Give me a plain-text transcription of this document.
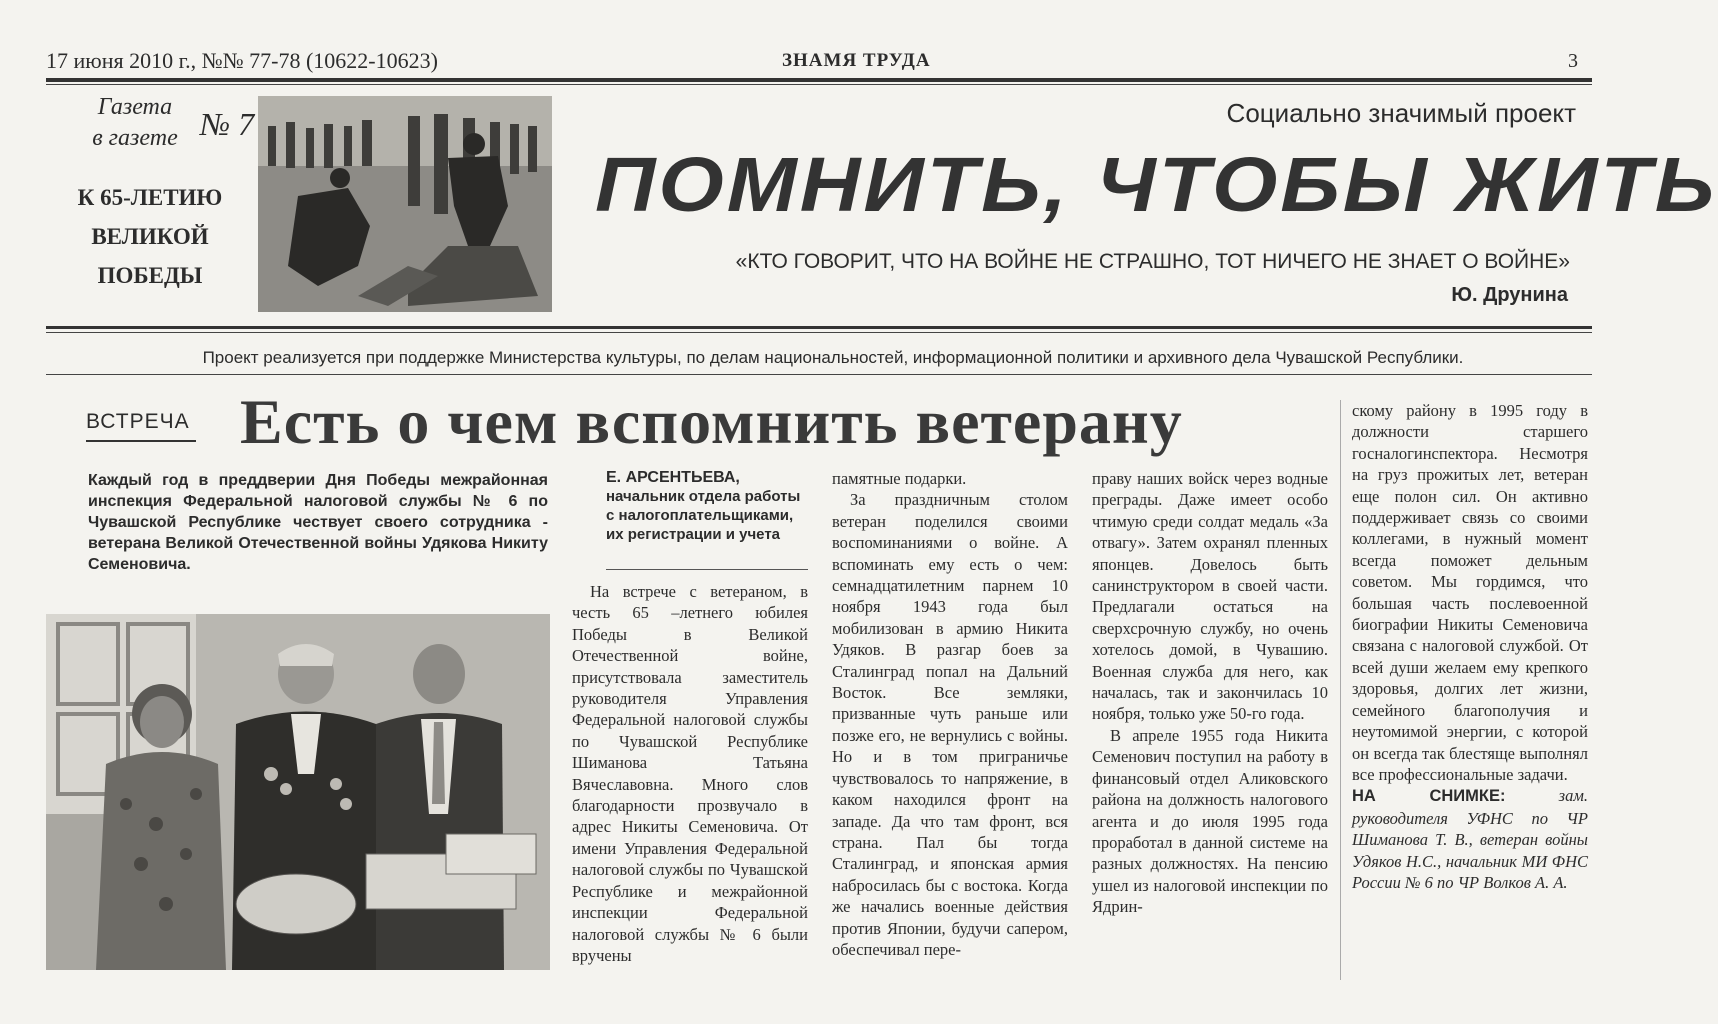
17 июня 2010 г., №№ 77-78 (10622-10623)	ЗНАМЯ ТРУДА	3
Газета
в газете № 7
К 65-ЛЕТИЮ
ВЕЛИКОЙ
ПОБЕДЫ
Социально значимый проект
ПОМНИТЬ, ЧТОБЫ ЖИТЬ
«КТО ГОВОРИТ, ЧТО НА ВОЙНЕ НЕ СТРАШНО, ТОТ НИЧЕГО НЕ ЗНАЕТ О ВОЙНЕ»
Ю. Друнина
Проект реализуется при поддержке Министерства культуры, по делам национальностей, информационной политики и архивного дела Чувашской Республики.
ВСТРЕЧА Есть о чем вспомнить ветерану
Каждый год в преддверии Дня Победы межрайонная инспекция Федеральной налоговой службы № 6 по Чувашской Республике чествует своего сотрудника - ветерана Великой Отечественной войны Удякова Никиту Семеновича.
Е. АРСЕНТЬЕВА,
начальник отдела работы с налогоплательщиками, их регистрации и учета

На встрече с ветераном, в честь 65 –летнего юбилея Победы в Великой Отечественной войне, присутствовала заместитель руководителя Управления Федеральной налоговой службы по Чувашской Республике Шиманова Татьяна Вячеславовна. Много слов благодарности прозвучало в адрес Никиты Семеновича. От имени Управления Федеральной налоговой службы по Чувашской Республике и межрайонной инспекции Федеральной налоговой службы № 6 были вручены

памятные подарки.

За праздничным столом ветеран поделился своими воспоминаниями о войне. А вспоминать ему есть о чем: семнадцатилетним парнем 10 ноября 1943 года был мобилизован в армию Никита Удяков. В разгар боев за Сталинград попал на Дальний Восток. Все земляки, призванные чуть раньше или позже его, не вернулись с войны. Но и в том приграничье чувствовалось то напряжение, в каком находился фронт на западе. Да что там фронт, вся страна. Пал бы тогда Сталинград, и японская армия набросилась бы с востока. Когда же начались военные действия против Японии, будучи сапером, обеспечивал пере-

праву наших войск через водные преграды. Даже имеет особо чтимую среди солдат медаль «За отвагу». Затем охранял пленных японцев. Довелось быть санинструктором в своей части. Предлагали остаться на сверхсрочную службу, но очень хотелось домой, в Чувашию. Военная служба для него, как началась, так и закончилась 10 ноября, только уже 50-го года.

В апреле 1955 года Никита Семенович поступил на работу в финансовый отдел Аликовского района на должность налогового агента и до июля 1995 года проработал в данной системе на разных должностях. На пенсию ушел из налоговой инспекции по Ядрин-

скому району в 1995 году в должности старшего госналогинспектора. Несмотря на груз прожитых лет, ветеран еще полон сил. Он активно поддерживает связь со своими коллегами, в нужный момент всегда поможет дельным советом. Мы гордимся, что большая часть послевоенной биографии Никиты Семеновича связана с налоговой службой. От всей души желаем ему крепкого здоровья, долгих лет жизни, семейного благополучия и неутомимой энергии, с которой он всегда так блестяще выполнял все профессиональные задачи.

НА СНИМКЕ:	зам. руководителя УФНС по ЧР Шиманова Т. В., ветеран войны Удяков Н.С., начальник МИ ФНС России № 6 по ЧР Волков А. А.
